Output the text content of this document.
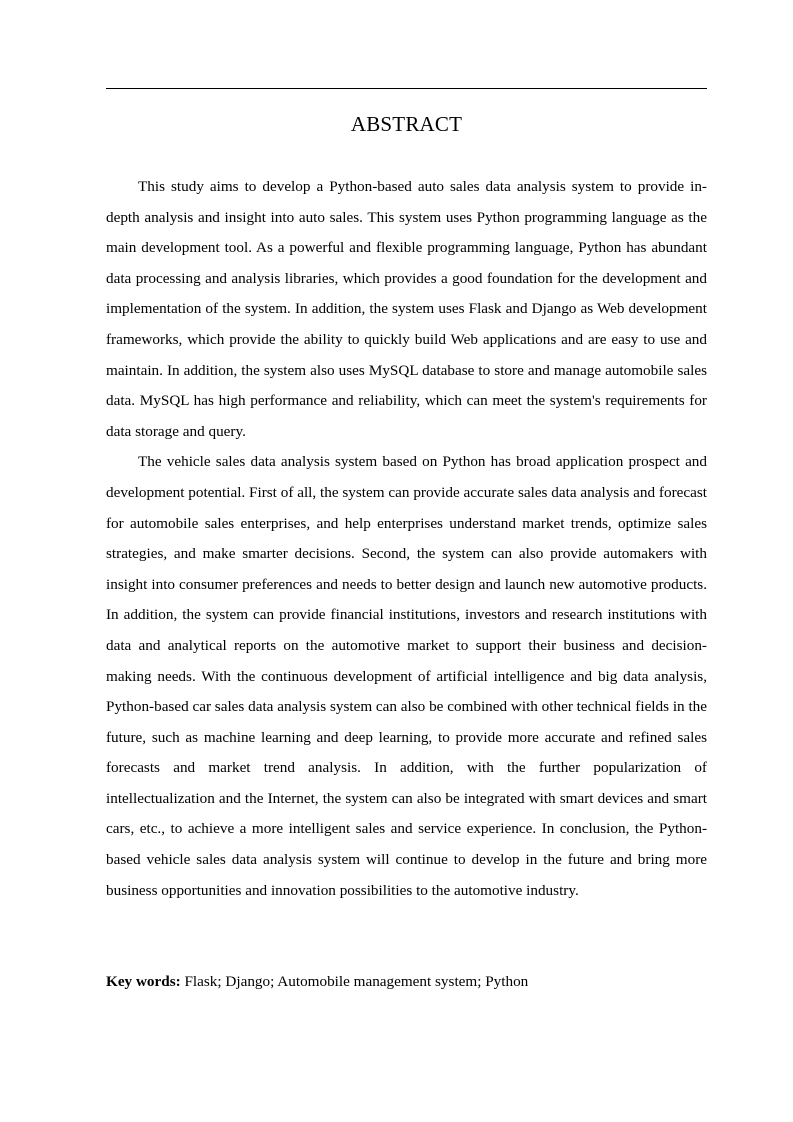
ABSTRACT

This study aims to develop a Python-based auto sales data analysis system to provide in-depth analysis and insight into auto sales. This system uses Python programming language as the main development tool. As a powerful and flexible programming language, Python has abundant data processing and analysis libraries, which provides a good foundation for the development and implementation of the system. In addition, the system uses Flask and Django as Web development frameworks, which provide the ability to quickly build Web applications and are easy to use and maintain. In addition, the system also uses MySQL database to store and manage automobile sales data. MySQL has high performance and reliability, which can meet the system's requirements for data storage and query.

The vehicle sales data analysis system based on Python has broad application prospect and development potential. First of all, the system can provide accurate sales data analysis and forecast for automobile sales enterprises, and help enterprises understand market trends, optimize sales strategies, and make smarter decisions. Second, the system can also provide automakers with insight into consumer preferences and needs to better design and launch new automotive products. In addition, the system can provide financial institutions, investors and research institutions with data and analytical reports on the automotive market to support their business and decision-making needs. With the continuous development of artificial intelligence and big data analysis, Python-based car sales data analysis system can also be combined with other technical fields in the future, such as machine learning and deep learning, to provide more accurate and refined sales forecasts and market trend analysis. In addition, with the further popularization of intellectualization and the Internet, the system can also be integrated with smart devices and smart cars, etc., to achieve a more intelligent sales and service experience. In conclusion, the Python-based vehicle sales data analysis system will continue to develop in the future and bring more business opportunities and innovation possibilities to the automotive industry.

Key words: Flask; Django; Automobile management system; Python
